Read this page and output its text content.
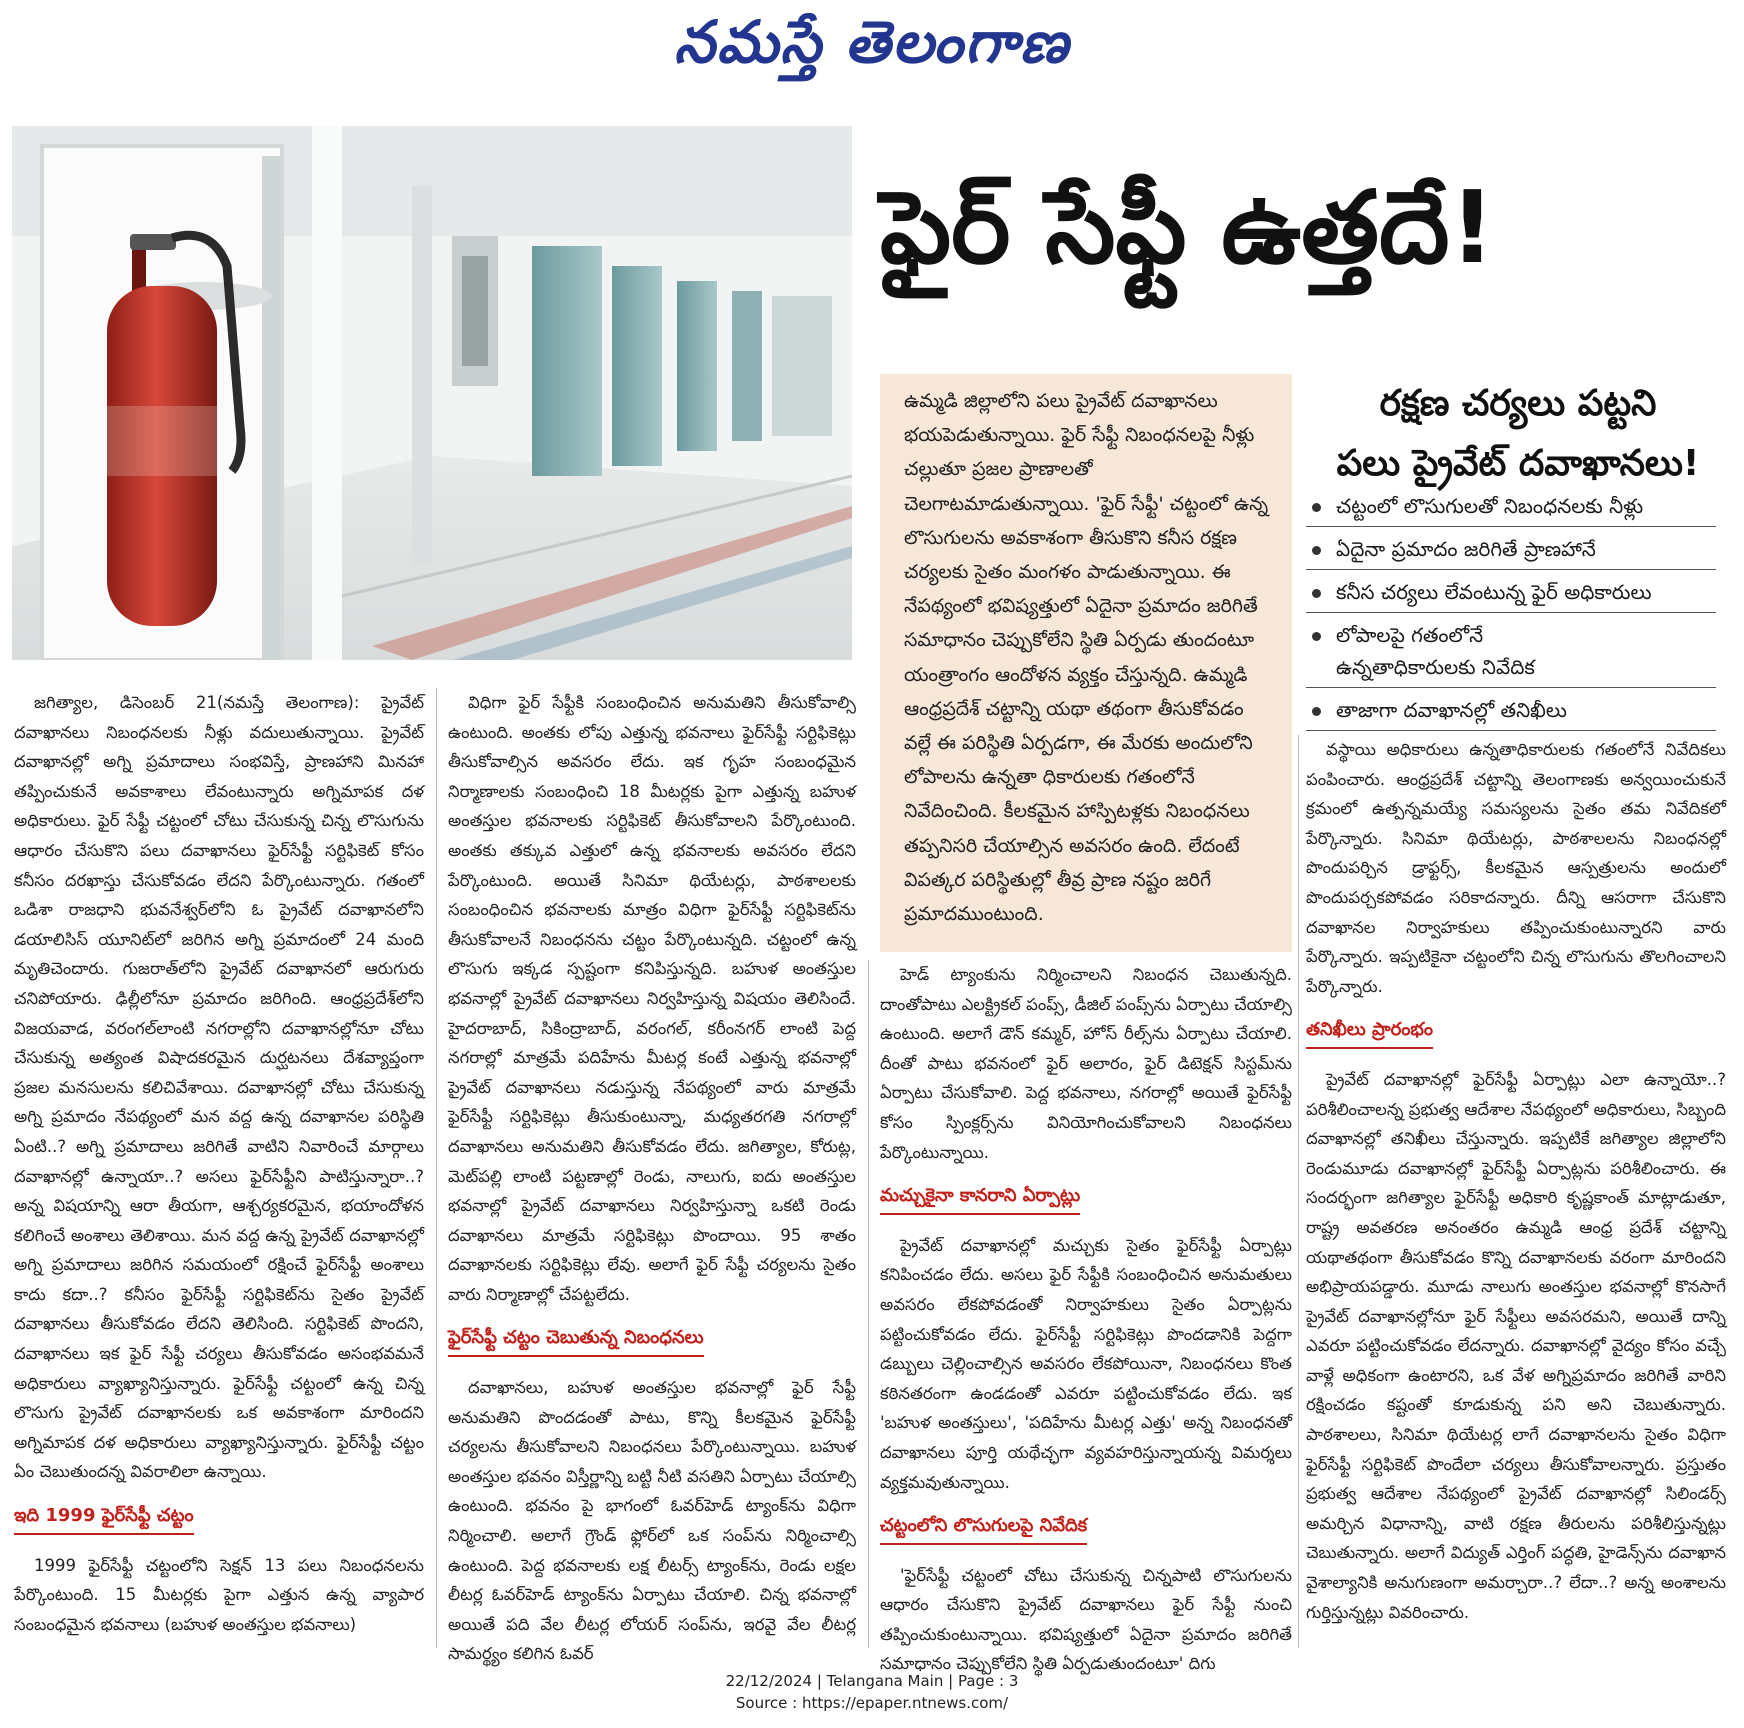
నమస్తే తెలంగాణ
ఫైర్ సేఫ్టీ ఉత్తదే!
ఉమ్మడి జిల్లాలోని పలు ప్రైవేట్ దవాఖానలు భయపెడుతున్నాయి. ఫైర్ సేఫ్టీ నిబంధనలపై నీళ్లు చల్లుతూ ప్రజల ప్రాణాలతో చెలగాటమాడుతున్నాయి. 'ఫైర్ సేఫ్టీ' చట్టంలో ఉన్న లొసుగులను అవకాశంగా తీసుకొని కనీస రక్షణ చర్యలకు సైతం మంగళం పాడుతున్నాయి. ఈ నేపథ్యంలో భవిష్యత్తులో ఏదైనా ప్రమాదం జరిగితే సమాధానం చెప్పుకోలేని స్థితి ఏర్పడు తుందంటూ యంత్రాంగం ఆందోళన వ్యక్తం చేస్తున్నది. ఉమ్మడి ఆంధ్రప్రదేశ్ చట్టాన్ని యథా తథంగా తీసుకోవడం వల్లే ఈ పరిస్థితి ఏర్పడగా, ఈ మేరకు అందులోని లోపాలను ఉన్నతా ధికారులకు గతంలోనే నివేదించింది. కీలకమైన హాస్పిటళ్లకు నిబంధనలు తప్పనిసరి చేయాల్సిన అవసరం ఉంది. లేదంటే విపత్కర పరిస్థితుల్లో తీవ్ర ప్రాణ నష్టం జరిగే ప్రమాదముంటుంది.
రక్షణ చర్యలు పట్టని
పలు ప్రైవేట్ దవాఖానలు!
చట్టంలో లొసుగులతో నిబంధనలకు నీళ్లు
ఏదైనా ప్రమాదం జరిగితే ప్రాణహానే
కనీస చర్యలు లేవంటున్న ఫైర్ అధికారులు
లోపాలపై గతంలోనే
ఉన్నతాధికారులకు నివేదిక
తాజాగా దవాఖానల్లో తనిఖీలు

జగిత్యాల, డిసెంబర్ 21(నమస్తే తెలంగాణ): ప్రైవేట్ దవాఖానలు నిబంధనలకు నీళ్లు వదులుతున్నాయి. ప్రైవేట్ దవాఖానల్లో అగ్ని ప్రమాదాలు సంభవిస్తే, ప్రాణహాని మినహా తప్పించుకునే అవకాశాలు లేవంటున్నారు అగ్నిమాపక దళ అధికారులు. ఫైర్ సేఫ్టీ చట్టంలో చోటు చేసుకున్న చిన్న లొసుగును ఆధారం చేసుకొని పలు దవాఖానలు ఫైర్‌సేఫ్టీ సర్టిఫికెట్ కోసం కనీసం దరఖాస్తు చేసుకోవడం లేదని పేర్కొంటున్నారు. గతంలో ఒడిశా రాజధాని భువనేశ్వర్‌లోని ఓ ప్రైవేట్ దవాఖానలోని డయాలిసిస్ యూనిట్‌లో జరిగిన అగ్ని ప్రమాదంలో 24 మంది మృతిచెందారు. గుజరాత్‌లోని ప్రైవేట్ దవాఖానలో ఆరుగురు చనిపోయారు. ఢిల్లీలోనూ ప్రమాదం జరిగింది. ఆంధ్రప్రదేశ్‌లోని విజయవాడ, వరంగల్‌లాంటి నగరాల్లోని దవాఖానల్లోనూ చోటు చేసుకున్న అత్యంత విషాదకరమైన దుర్ఘటనలు దేశవ్యాప్తంగా ప్రజల మనసులను కలిచివేశాయి. దవాఖానల్లో చోటు చేసుకున్న అగ్ని ప్రమాదం నేపథ్యంలో మన వద్ద ఉన్న దవాఖానల పరిస్థితి ఏంటి..? అగ్ని ప్రమాదాలు జరిగితే వాటిని నివారించే మార్గాలు దవాఖానల్లో ఉన్నాయా..? అసలు ఫైర్‌సేఫ్టీని పాటిస్తున్నారా..? అన్న విషయాన్ని ఆరా తీయగా, ఆశ్చర్యకరమైన, భయాందోళన కలిగించే అంశాలు తెలిశాయి. మన వద్ద ఉన్న ప్రైవేట్ దవాఖానల్లో అగ్ని ప్రమాదాలు జరిగిన సమయంలో రక్షించే ఫైర్‌సేఫ్టీ అంశాలు కాదు కదా..? కనీసం ఫైర్‌సేఫ్టీ సర్టిఫికెట్‌ను సైతం ప్రైవేట్ దవాఖానలు తీసుకోవడం లేదని తెలిసింది. సర్టిఫికెట్ పొందని, దవాఖానలు ఇక ఫైర్ సేఫ్టీ చర్యలు తీసుకోవడం అసంభవమనే అధికారులు వ్యాఖ్యానిస్తున్నారు. ఫైర్‌సేఫ్టీ చట్టంలో ఉన్న చిన్న లొసుగు ప్రైవేట్ దవాఖానలకు ఒక అవకాశంగా మారిందని అగ్నిమాపక దళ అధికారులు వ్యాఖ్యానిస్తున్నారు. ఫైర్‌సేఫ్టీ చట్టం ఏం చెబుతుందన్న వివరాలిలా ఉన్నాయి.

ఇది 1999 ఫైర్‌సేఫ్టీ చట్టం

1999 ఫైర్‌సేఫ్టీ చట్టంలోని సెక్షన్ 13 పలు నిబంధనలను పేర్కొంటుంది. 15 మీటర్లకు పైగా ఎత్తున ఉన్న వ్యాపార సంబంధమైన భవనాలు (బహుళ అంతస్తుల భవనాలు)

విధిగా ఫైర్ సేఫ్టీకి సంబంధించిన అనుమతిని తీసుకోవాల్సి ఉంటుంది. అంతకు లోపు ఎత్తున్న భవనాలు ఫైర్‌సేఫ్టీ సర్టిఫికెట్లు తీసుకోవాల్సిన అవసరం లేదు. ఇక గృహ సంబంధమైన నిర్మాణాలకు సంబంధించి 18 మీటర్లకు పైగా ఎత్తున్న బహుళ అంతస్తుల భవనాలకు సర్టిఫికెట్ తీసుకోవాలని పేర్కొంటుంది. అంతకు తక్కువ ఎత్తులో ఉన్న భవనాలకు అవసరం లేదని పేర్కొంటుంది. అయితే సినిమా థియేటర్లు, పాఠశాలలకు సంబంధించిన భవనాలకు మాత్రం విధిగా ఫైర్‌సేఫ్టీ సర్టిఫికెట్‌ను తీసుకోవాలనే నిబంధనను చట్టం పేర్కొంటున్నది. చట్టంలో ఉన్న లొసుగు ఇక్కడ స్పష్టంగా కనిపిస్తున్నది. బహుళ అంతస్తుల భవనాల్లో ప్రైవేట్ దవాఖానలు నిర్వహిస్తున్న విషయం తెలిసిందే. హైదరాబాద్, సికింద్రాబాద్, వరంగల్, కరీంనగర్ లాంటి పెద్ద నగరాల్లో మాత్రమే పదిహేను మీటర్ల కంటే ఎత్తున్న భవనాల్లో ప్రైవేట్ దవాఖానలు నడుస్తున్న నేపథ్యంలో వారు మాత్రమే ఫైర్‌సేఫ్టీ సర్టిఫికెట్లు తీసుకుంటున్నా, మధ్యతరగతి నగరాల్లో దవాఖానలు అనుమతిని తీసుకోవడం లేదు. జగిత్యాల, కోరుట్ల, మెట్‌పల్లి లాంటి పట్టణాల్లో రెండు, నాలుగు, ఐదు అంతస్తుల భవనాల్లో ప్రైవేట్ దవాఖానలు నిర్వహిస్తున్నా ఒకటి రెండు దవాఖానలు మాత్రమే సర్టిఫికెట్లు పొందాయి. 95 శాతం దవాఖానలకు సర్టిఫికెట్లు లేవు. అలాగే ఫైర్ సేఫ్టీ చర్యలను సైతం వారు నిర్మాణాల్లో చేపట్టలేదు.

ఫైర్‌సేఫ్టీ చట్టం చెబుతున్న నిబంధనలు

దవాఖానలు, బహుళ అంతస్తుల భవనాల్లో ఫైర్ సేఫ్టీ అనుమతిని పొందడంతో పాటు, కొన్ని కీలకమైన ఫైర్‌సేఫ్టీ చర్యలను తీసుకోవాలని నిబంధనలు పేర్కొంటున్నాయి. బహుళ అంతస్తుల భవనం విస్తీర్ణాన్ని బట్టి నీటి వసతిని ఏర్పాటు చేయాల్సి ఉంటుంది. భవనం పై భాగంలో ఓవర్‌హెడ్ ట్యాంక్‌ను విధిగా నిర్మించాలి. అలాగే గ్రౌండ్ ఫ్లోర్‌లో ఒక సంప్‌ను నిర్మించాల్సి ఉంటుంది. పెద్ద భవనాలకు లక్ష లీటర్స్ ట్యాంక్‌ను, రెండు లక్షల లీటర్ల ఓవర్‌హెడ్ ట్యాంక్‌ను ఏర్పాటు చేయాలి. చిన్న భవనాల్లో అయితే పది వేల లీటర్ల లోయర్ సంప్‌ను, ఇరవై వేల లీటర్ల సామర్థ్యం కలిగిన ఓవర్

హెడ్ ట్యాంకును నిర్మించాలని నిబంధన చెబుతున్నది. దాంతోపాటు ఎలక్ట్రికల్ పంప్స్, డీజిల్ పంప్స్‌ను ఏర్పాటు చేయాల్సి ఉంటుంది. అలాగే డౌన్ కమ్మర్, హోస్ రీల్స్‌ను ఏర్పాటు చేయాలి. దీంతో పాటు భవనంలో ఫైర్ అలారం, ఫైర్ డిటెక్షన్ సిస్టమ్‌ను ఏర్పాటు చేసుకోవాలి. పెద్ద భవనాలు, నగరాల్లో అయితే ఫైర్‌సేఫ్టీ కోసం స్పింక్లర్స్‌ను వినియోగించుకోవాలని నిబంధనలు పేర్కొంటున్నాయి.

మచ్చుకైనా కానరాని ఏర్పాట్లు

ప్రైవేట్ దవాఖానల్లో మచ్చుకు సైతం ఫైర్‌సేఫ్టీ ఏర్పాట్లు కనిపించడం లేదు. అసలు ఫైర్ సేఫ్టీకి సంబంధించిన అనుమతులు అవసరం లేకపోవడంతో నిర్వాహకులు సైతం ఏర్పాట్లను పట్టించుకోవడం లేదు. ఫైర్‌సేఫ్టీ సర్టిఫికెట్లు పొందడానికి పెద్దగా డబ్బులు చెల్లించాల్సిన అవసరం లేకపోయినా, నిబంధనలు కొంత కఠినతరంగా ఉండడంతో ఎవరూ పట్టించుకోవడం లేదు. ఇక 'బహుళ అంతస్తులు', 'పదిహేను మీటర్ల ఎత్తు' అన్న నిబంధనతో దవాఖానలు పూర్తి యథేచ్ఛగా వ్యవహరిస్తున్నాయన్న విమర్శలు వ్యక్తమవుతున్నాయి.

చట్టంలోని లొసుగులపై నివేదిక

'ఫైర్‌సేఫ్టీ చట్టంలో చోటు చేసుకున్న చిన్నపాటి లొసుగులను ఆధారం చేసుకొని ప్రైవేట్ దవాఖానలు ఫైర్ సేఫ్టీ నుంచి తప్పించుకుంటున్నాయి. భవిష్యత్తులో ఏదైనా ప్రమాదం జరిగితే సమాధానం చెప్పుకోలేని స్థితి ఏర్పడుతుందంటూ' దిగు

వస్థాయి అధికారులు ఉన్నతాధికారులకు గతంలోనే నివేదికలు పంపించారు. ఆంధ్రప్రదేశ్ చట్టాన్ని తెలంగాణకు అన్వయించుకునే క్రమంలో ఉత్పన్నమయ్యే సమస్యలను సైతం తమ నివేదికలో పేర్కొన్నారు. సినిమా థియేటర్లు, పాఠశాలలను నిబంధనల్లో పొందుపర్చిన డ్రాఫ్టర్స్, కీలకమైన ఆస్పత్రులను అందులో పొందుపర్చకపోవడం సరికాదన్నారు. దీన్ని ఆసరాగా చేసుకొని దవాఖానల నిర్వాహకులు తప్పించుకుంటున్నారని వారు పేర్కొన్నారు. ఇప్పటికైనా చట్టంలోని చిన్న లొసుగును తొలగించాలని పేర్కొన్నారు.

తనిఖీలు ప్రారంభం

ప్రైవేట్ దవాఖానల్లో ఫైర్‌సేఫ్టీ ఏర్పాట్లు ఎలా ఉన్నాయో..? పరిశీలించాలన్న ప్రభుత్వ ఆదేశాల నేపథ్యంలో అధికారులు, సిబ్బంది దవాఖానల్లో తనిఖీలు చేస్తున్నారు. ఇప్పటికే జగిత్యాల జిల్లాలోని రెండుమూడు దవాఖానల్లో ఫైర్‌సేఫ్టీ ఏర్పాట్లను పరిశీలించారు. ఈ సందర్భంగా జగిత్యాల ఫైర్‌సేఫ్టీ అధికారి కృష్ణకాంత్ మాట్లాడుతూ, రాష్ట్ర అవతరణ అనంతరం ఉమ్మడి ఆంధ్ర ప్రదేశ్ చట్టాన్ని యథాతథంగా తీసుకోవడం కొన్ని దవాఖానలకు వరంగా మారిందని అభిప్రాయపడ్డారు. మూడు నాలుగు అంతస్తుల భవనాల్లో కొనసాగే ప్రైవేట్ దవాఖానల్లోనూ ఫైర్ సేఫ్టీలు అవసరమని, అయితే దాన్ని ఎవరూ పట్టించుకోవడం లేదన్నారు. దవాఖానల్లో వైద్యం కోసం వచ్చే వాళ్లే అధికంగా ఉంటారని, ఒక వేళ అగ్నిప్రమాదం జరిగితే వారిని రక్షించడం కష్టంతో కూడుకున్న పని అని చెబుతున్నారు. పాఠశాలలు, సినిమా థియేటర్ల లాగే దవాఖానలను సైతం విధిగా ఫైర్‌సేఫ్టీ సర్టిఫికెట్ పొందేలా చర్యలు తీసుకోవాలన్నారు. ప్రస్తుతం ప్రభుత్వ ఆదేశాల నేపథ్యంలో ప్రైవేట్ దవాఖానల్లో సిలిండర్స్ అమర్చిన విధానాన్ని, వాటి రక్షణ తీరులను పరిశీలిస్తున్నట్లు చెబుతున్నారు. అలాగే విద్యుత్ ఎర్తింగ్ పద్ధతి, హైడెన్స్‌ను దవాఖాన వైశాల్యానికి అనుగుణంగా అమర్చారా..? లేదా..? అన్న అంశాలను గుర్తిస్తున్నట్లు వివరించారు.

22/12/2024 | Telangana Main | Page : 3
Source : https://epaper.ntnews.com/
